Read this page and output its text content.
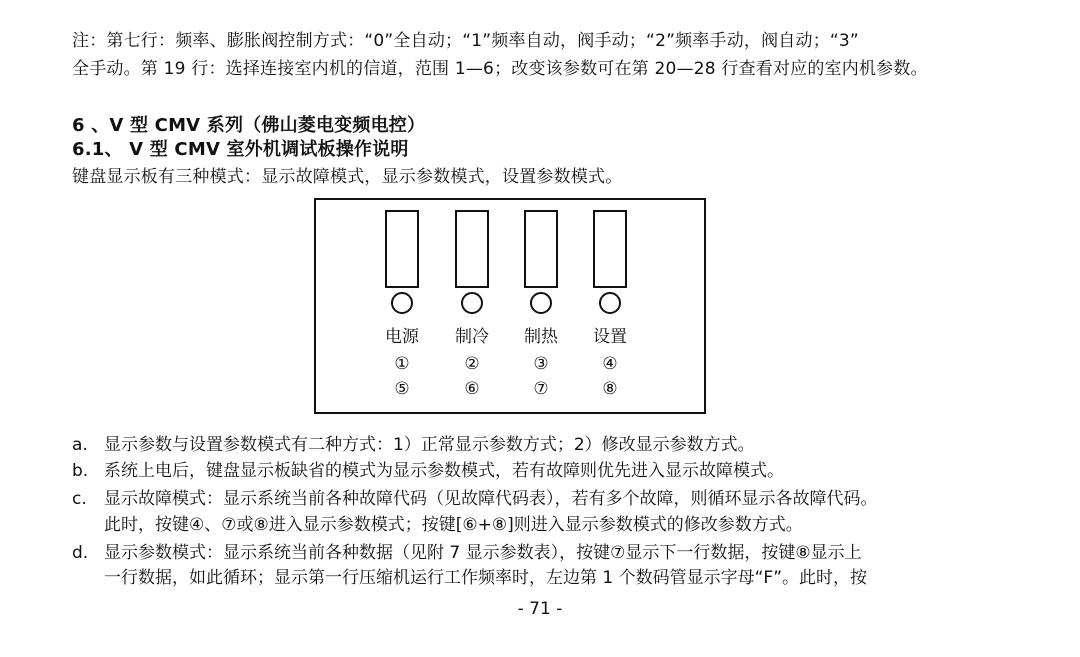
注：第七行：频率、膨胀阀控制方式：“0”全自动；“1”频率自动，阀手动；“2”频率手动，阀自动；“3”
全手动。第 19 行：选择连接室内机的信道，范围 1—6；改变该参数可在第 20—28 行查看对应的室内机参数。
6 、V 型 CMV 系列（佛山菱电变频电控）
6.1、 V 型 CMV 室外机调试板操作说明
键盘显示板有三种模式：显示故障模式，显示参数模式，设置参数模式。
电源
①
⑤
制冷
②
⑥
制热
③
⑦
设置
④
⑧
a. 显示参数与设置参数模式有二种方式：1）正常显示参数方式；2）修改显示参数方式。
b. 系统上电后，键盘显示板缺省的模式为显示参数模式，若有故障则优先进入显示故障模式。
c. 显示故障模式：显示系统当前各种故障代码（见故障代码表），若有多个故障，则循环显示各故障代码。
此时，按键④、⑦或⑧进入显示参数模式；按键[⑥+⑧]则进入显示参数模式的修改参数方式。
d. 显示参数模式：显示系统当前各种数据（见附 7 显示参数表），按键⑦显示下一行数据，按键⑧显示上
一行数据，如此循环；显示第一行压缩机运行工作频率时，左边第 1 个数码管显示字母“F”。此时，按
- 71 -
